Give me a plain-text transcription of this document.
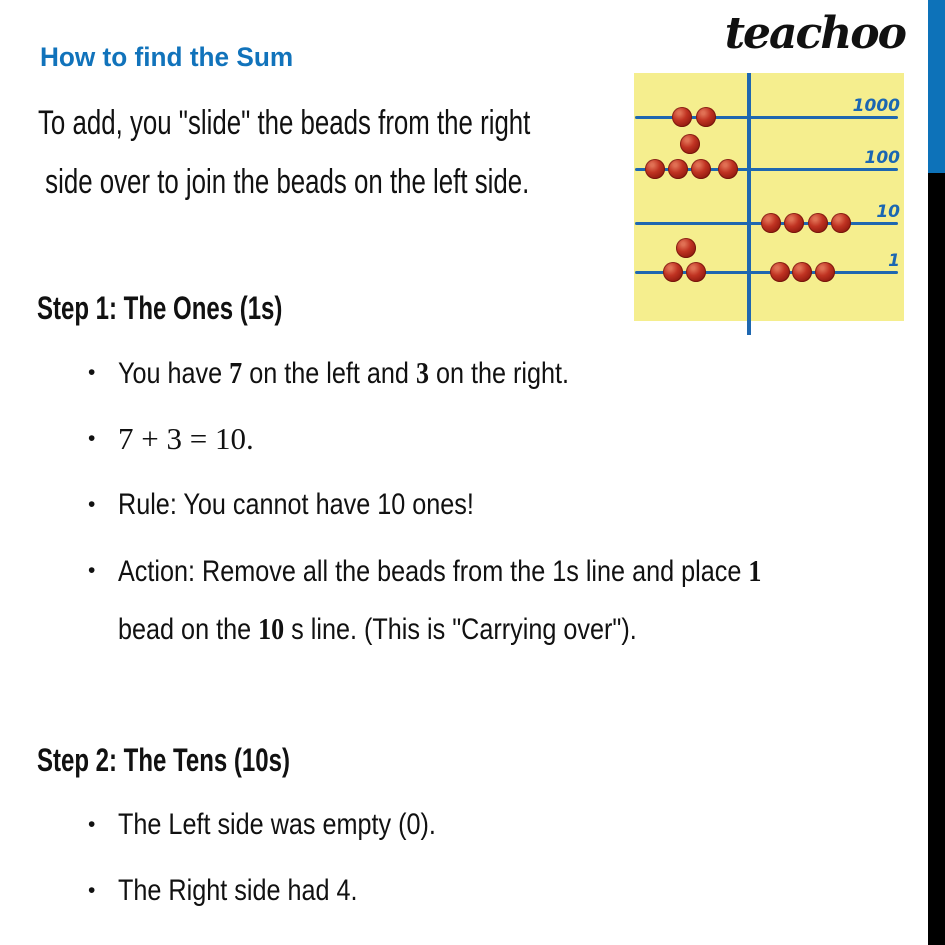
teachoo
How to find the Sum
To add, you "slide" the beads from the right
side over to join the beads on the left side.
1000
100
10
1
Step 1: The Ones (1s)
• You have 7 on the left and 3 on the right.
• 7 + 3 = 10.
• Rule: You cannot have 10 ones!
• Action: Remove all the beads from the 1s line and place 1
bead on the 10 s line. (This is "Carrying over").
Step 2: The Tens (10s)
• The Left side was empty (0).
• The Right side had 4.
